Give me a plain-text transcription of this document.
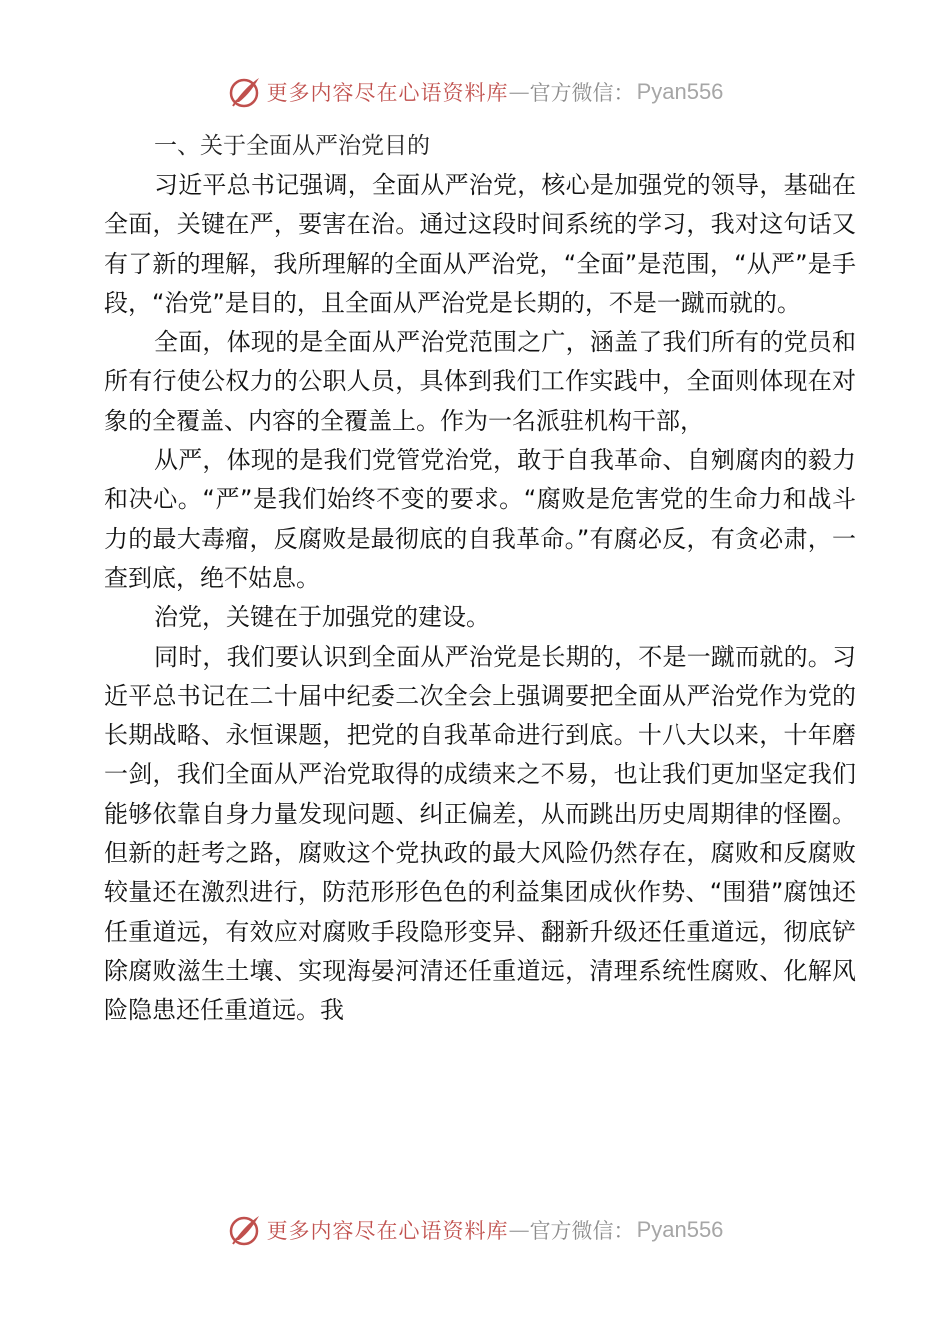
更多内容尽在心语资料库 — 官方微信： Pyan556
一、关于全面从严治党目的

习近平总书记强调，全面从严治党，核心是加强党的领导，基础在全面，关键在严，要害在治。通过这段时间系统的学习，我对这句话又有了新的理解，我所理解的全面从严治党，“全面”是范围，“从严”是手段，“治党”是目的，且全面从严治党是长期的，不是一蹴而就的。

全面，体现的是全面从严治党范围之广，涵盖了我们所有的党员和所有行使公权力的公职人员，具体到我们工作实践中，全面则体现在对象的全覆盖、内容的全覆盖上。作为一名派驻机构干部，

从严，体现的是我们党管党治党，敢于自我革命、自剜腐肉的毅力和决心。“严”是我们始终不变的要求。“腐败是危害党的生命力和战斗力的最大毒瘤，反腐败是最彻底的自我革命。”有腐必反，有贪必肃，一查到底，绝不姑息。

治党，关键在于加强党的建设。

同时，我们要认识到全面从严治党是长期的，不是一蹴而就的。习近平总书记在二十届中纪委二次全会上强调要把全面从严治党作为党的长期战略、永恒课题，把党的自我革命进行到底。十八大以来，十年磨一剑，我们全面从严治党取得的成绩来之不易，也让我们更加坚定我们能够依靠自身力量发现问题、纠正偏差，从而跳出历史周期律的怪圈。但新的赶考之路，腐败这个党执政的最大风险仍然存在，腐败和反腐败较量还在激烈进行，防范形形色色的利益集团成伙作势、“围猎”腐蚀还任重道远，有效应对腐败手段隐形变异、翻新升级还任重道远，彻底铲除腐败滋生土壤、实现海晏河清还任重道远，清理系统性腐败、化解风险隐患还任重道远。我

更多内容尽在心语资料库 — 官方微信： Pyan556
